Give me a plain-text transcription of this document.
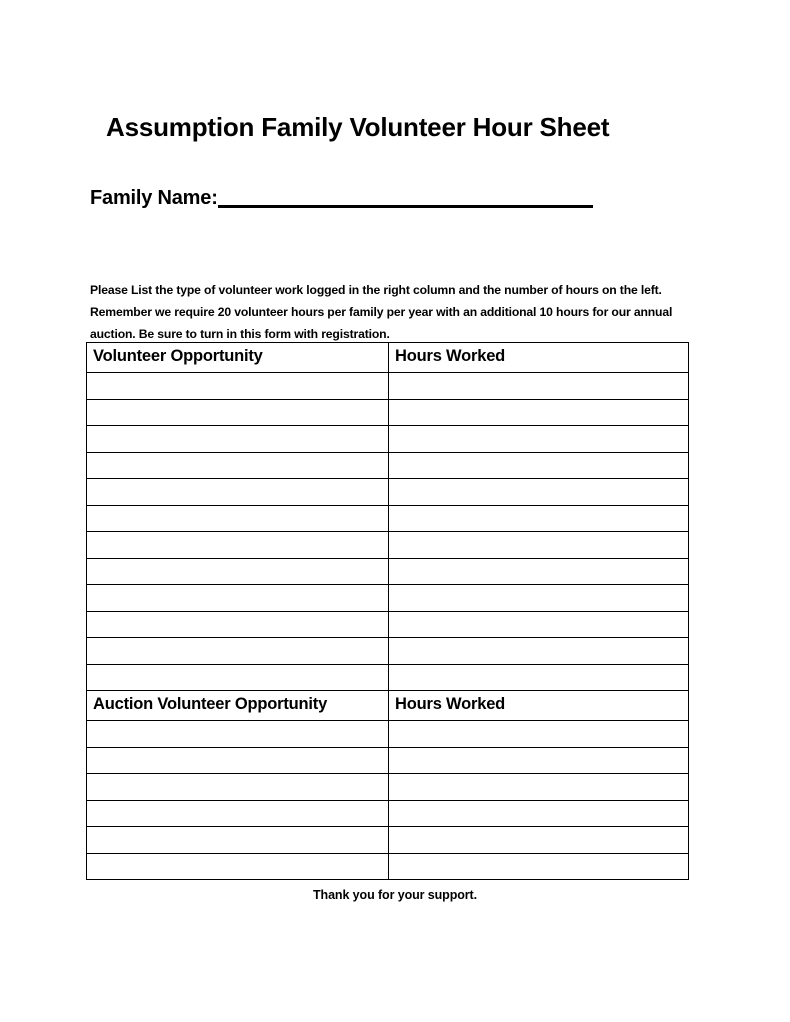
Assumption Family Volunteer Hour Sheet
Family Name:

Please List the type of volunteer work logged in the right column and the number of hours on the left. Remember we require 20 volunteer hours per family per year with an additional 10 hours for our annual auction. Be sure to turn in this form with registration.

Volunteer Opportunity	Hours Worked

Auction Volunteer Opportunity	Hours Worked

Thank you for your support.
